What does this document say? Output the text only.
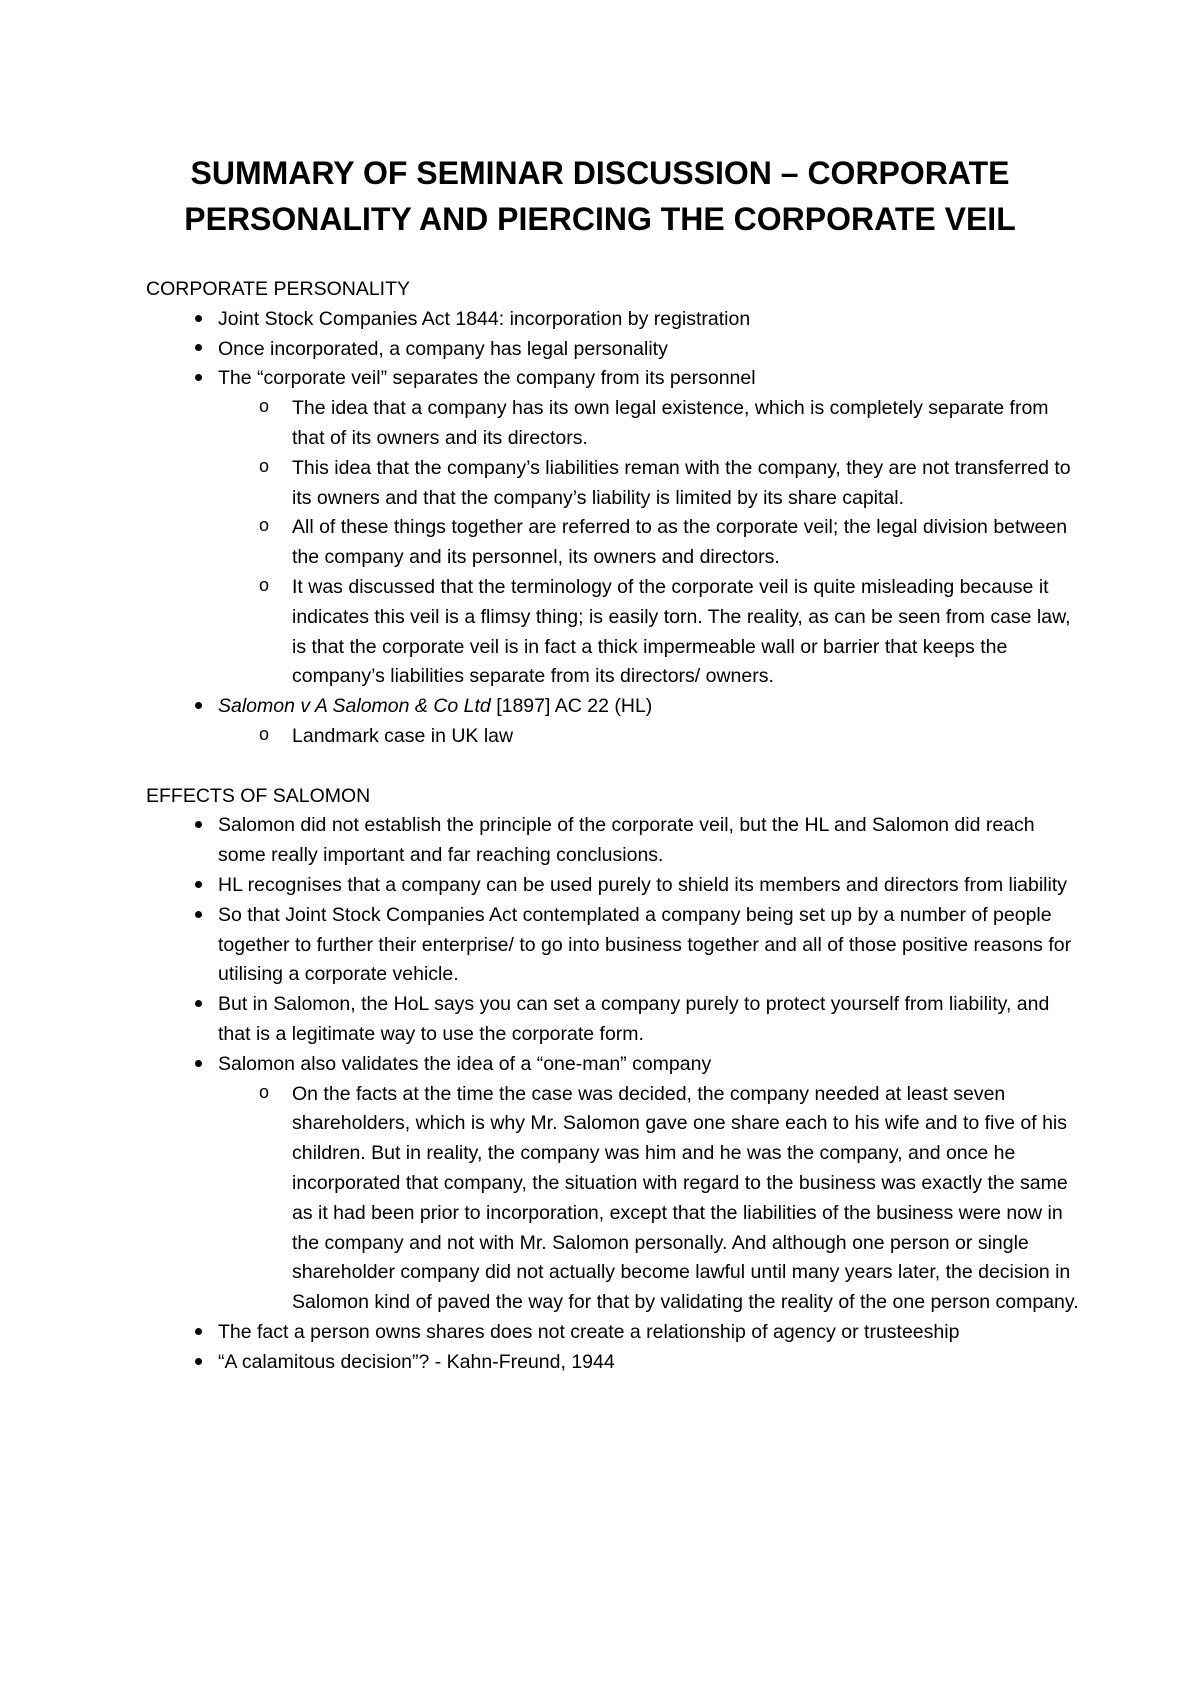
SUMMARY OF SEMINAR DISCUSSION – CORPORATE
PERSONALITY AND PIERCING THE CORPORATE VEIL

CORPORATE PERSONALITY

Joint Stock Companies Act 1844: incorporation by registration
Once incorporated, a company has legal personality
The “corporate veil” separates the company from its personnel
o The idea that a company has its own legal existence, which is completely separate from that of its owners and its directors.
o This idea that the company’s liabilities reman with the company, they are not transferred to its owners and that the company’s liability is limited by its share capital.
o All of these things together are referred to as the corporate veil; the legal division between the company and its personnel, its owners and directors.
o It was discussed that the terminology of the corporate veil is quite misleading because it indicates this veil is a flimsy thing; is easily torn. The reality, as can be seen from case law, is that the corporate veil is in fact a thick impermeable wall or barrier that keeps the company’s liabilities separate from its directors/ owners.
Salomon v A Salomon & Co Ltd [1897] AC 22 (HL)
o Landmark case in UK law

EFFECTS OF SALOMON

Salomon did not establish the principle of the corporate veil, but the HL and Salomon did reach some really important and far reaching conclusions.
HL recognises that a company can be used purely to shield its members and directors from liability
So that Joint Stock Companies Act contemplated a company being set up by a number of people together to further their enterprise/ to go into business together and all of those positive reasons for utilising a corporate vehicle.
But in Salomon, the HoL says you can set a company purely to protect yourself from liability, and that is a legitimate way to use the corporate form.
Salomon also validates the idea of a “one-man” company
o On the facts at the time the case was decided, the company needed at least seven shareholders, which is why Mr. Salomon gave one share each to his wife and to five of his children. But in reality, the company was him and he was the company, and once he incorporated that company, the situation with regard to the business was exactly the same as it had been prior to incorporation, except that the liabilities of the business were now in the company and not with Mr. Salomon personally. And although one person or single shareholder company did not actually become lawful until many years later, the decision in Salomon kind of paved the way for that by validating the reality of the one person company.
The fact a person owns shares does not create a relationship of agency or trusteeship
“A calamitous decision”? - Kahn-Freund, 1944
